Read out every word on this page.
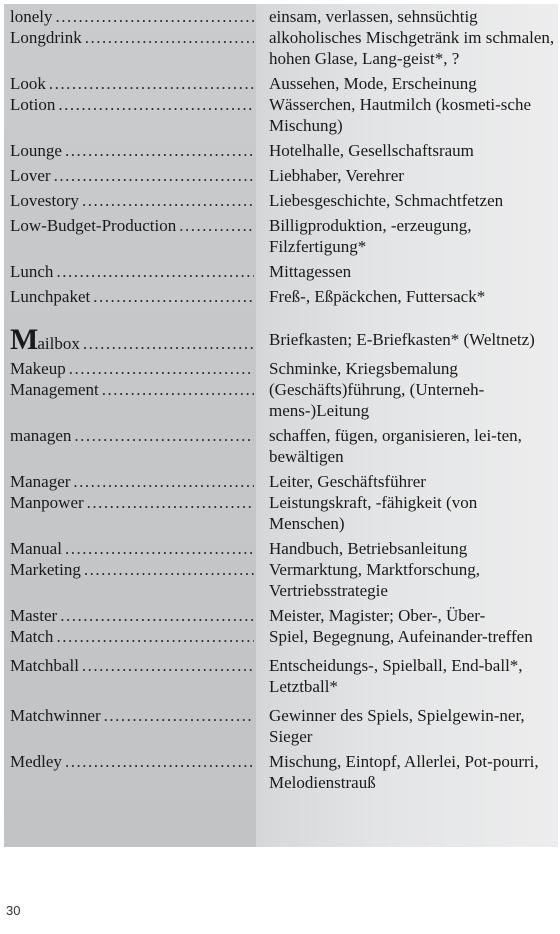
lonely .....	einsam, verlassen, sehnsüchtig
Longdrink .....	alkoholisches Mischgetränk im schmalen, hohen Glase, Lang-geist*, ?
Look .....	Aussehen, Mode, Erscheinung
Lotion .....	Wässerchen, Hautmilch (kosmeti-sche Mischung)
Lounge .....	Hotelhalle, Gesellschaftsraum
Lover .....	Liebhaber, Verehrer
Lovestory .....	Liebesgeschichte, Schmachtfetzen
Low-Budget-Production .....	Billigproduktion, -erzeugung, Filzfertigung*
Lunch .....	Mittagessen
Lunchpaket .....	Freß-, Eßpäckchen, Futtersack*
Mailbox .....	Briefkasten; E-Briefkasten* (Weltnetz)
Makeup .....	Schminke, Kriegsbemalung
Management .....	(Geschäfts)führung, (Unterneh-mens-)Leitung
managen .....	schaffen, fügen, organisieren, lei-ten, bewältigen
Manager .....	Leiter, Geschäftsführer
Manpower .....	Leistungskraft, -fähigkeit (von Menschen)
Manual .....	Handbuch, Betriebsanleitung
Marketing .....	Vermarktung, Marktforschung, Vertriebsstrategie
Master .....	Meister, Magister; Ober-, Über-
Match .....	Spiel, Begegnung, Aufeinander-treffen
Matchball .....	Entscheidungs-, Spielball, End-ball*, Letztball*
Matchwinner .....	Gewinner des Spiels, Spielgewin-ner, Sieger
Medley .....	Mischung, Eintopf, Allerlei, Pot-pourri, Melodienstrauß
30
